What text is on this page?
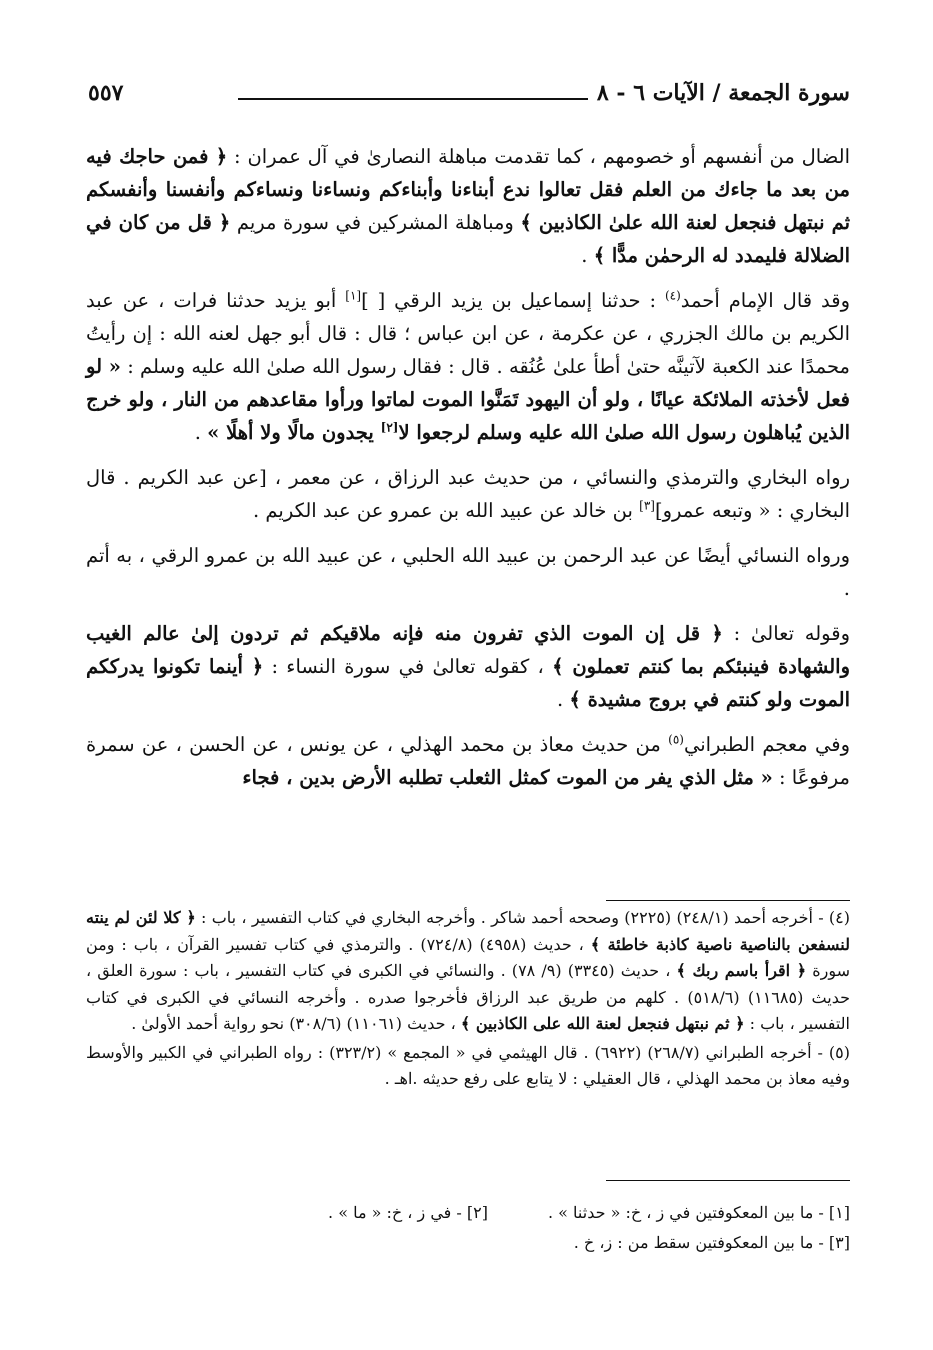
سورة الجمعة / الآيات ٦ - ٨
٥٥٧

الضال من أنفسهم أو خصومهم ، كما تقدمت مباهلة النصارىٰ في آل عمران : ﴿ فمن حاجك فيه من بعد ما جاءك من العلم فقل تعالوا ندع أبناءنا وأبناءكم ونساءنا ونساءكم وأنفسنا وأنفسكم ثم نبتهل فنجعل لعنة الله علىٰ الكاذبين ﴾ ومباهلة المشركين في سورة مريم ﴿ قل من كان في الضلالة فليمدد له الرحمٰن مدًّا ﴾ .

وقد قال الإمام أحمد$^{(٤)}$ : حدثنا إسماعيل بن يزيد الرقي [ ][١] أبو يزيد حدثنا فرات ، عن عبد الكريم بن مالك الجزري ، عن عكرمة ، عن ابن عباس ؛ قال : قال أبو جهل لعنه الله : إن رأيتُ محمدًا عند الكعبة لآتينَّه حتىٰ أطأ علىٰ عُنُقه . قال : فقال رسول الله صلىٰ الله عليه وسلم : « لو فعل لأخذته الملائكة عيانًا ، ولو أن اليهود تَمَنَّوا الموت لماتوا ورأوا مقاعدهم من النار ، ولو خرج الذين يُباهلون رسول الله صلىٰ الله عليه وسلم لرجعوا لا[٢] يجدون مالًا ولا أهلًا » .

رواه البخاري والترمذي والنسائي ، من حديث عبد الرزاق ، عن معمر ، [عن عبد الكريم . قال البخاري : « وتبعه عمرو][٣] بن خالد عن عبيد الله بن عمرو عن عبد الكريم .

ورواه النسائي أيضًا عن عبد الرحمن بن عبيد الله الحلبي ، عن عبيد الله بن عمرو الرقي ، به أتم .

وقوله تعالىٰ : ﴿ قل إن الموت الذي تفرون منه فإنه ملاقيكم ثم تردون إلىٰ عالم الغيب والشهادة فينبئكم بما كنتم تعملون ﴾ ، كقوله تعالىٰ في سورة النساء : ﴿ أينما تكونوا يدرككم الموت ولو كنتم في بروج مشيدة ﴾ .

وفي معجم الطبراني$^{(٥)}$ من حديث معاذ بن محمد الهذلي ، عن يونس ، عن الحسن ، عن سمرة مرفوعًا : « مثل الذي يفر من الموت كمثل الثعلب تطلبه الأرض بدين ، فجاء

(٤) - أخرجه أحمد (٢٤٨/١) (٢٢٢٥) وصححه أحمد شاكر . وأخرجه البخاري في كتاب التفسير ، باب : ﴿ كلا لئن لم ينته لنسفعن بالناصية ناصية كاذبة خاطئة ﴾ ، حديث (٤٩٥٨) (٧٢٤/٨) . والترمذي في كتاب تفسير القرآن ، باب : ومن سورة ﴿ اقرأ باسم ربك ﴾ ، حديث (٣٣٤٥) (٩/ ٧٨) . والنسائي في الكبرى في كتاب التفسير ، باب : سورة العلق ، حديث (١١٦٨٥) (٥١٨/٦) . كلهم من طريق عبد الرزاق فأخرجوا صدره . وأخرجه النسائي في الكبرى في كتاب التفسير ، باب : ﴿ ثم نبتهل فنجعل لعنة الله على الكاذبين ﴾ ، حديث (١١٠٦١) (٣٠٨/٦) نحو رواية أحمد الأولىٰ .

(٥) - أخرجه الطبراني (٢٦٨/٧) (٦٩٢٢) . قال الهيثمي في « المجمع » (٣٢٣/٢) : رواه الطبراني في الكبير والأوسط وفيه معاذ بن محمد الهذلي ، قال العقيلي : لا يتابع على رفع حديثه .اهـ .

[١] - ما بين المعكوفتين في ز ، خ: « حدثنا » .
[٢] - في ز ، خ: « ما » .
[٣] - ما بين المعكوفتين سقط من : ز، خ .
